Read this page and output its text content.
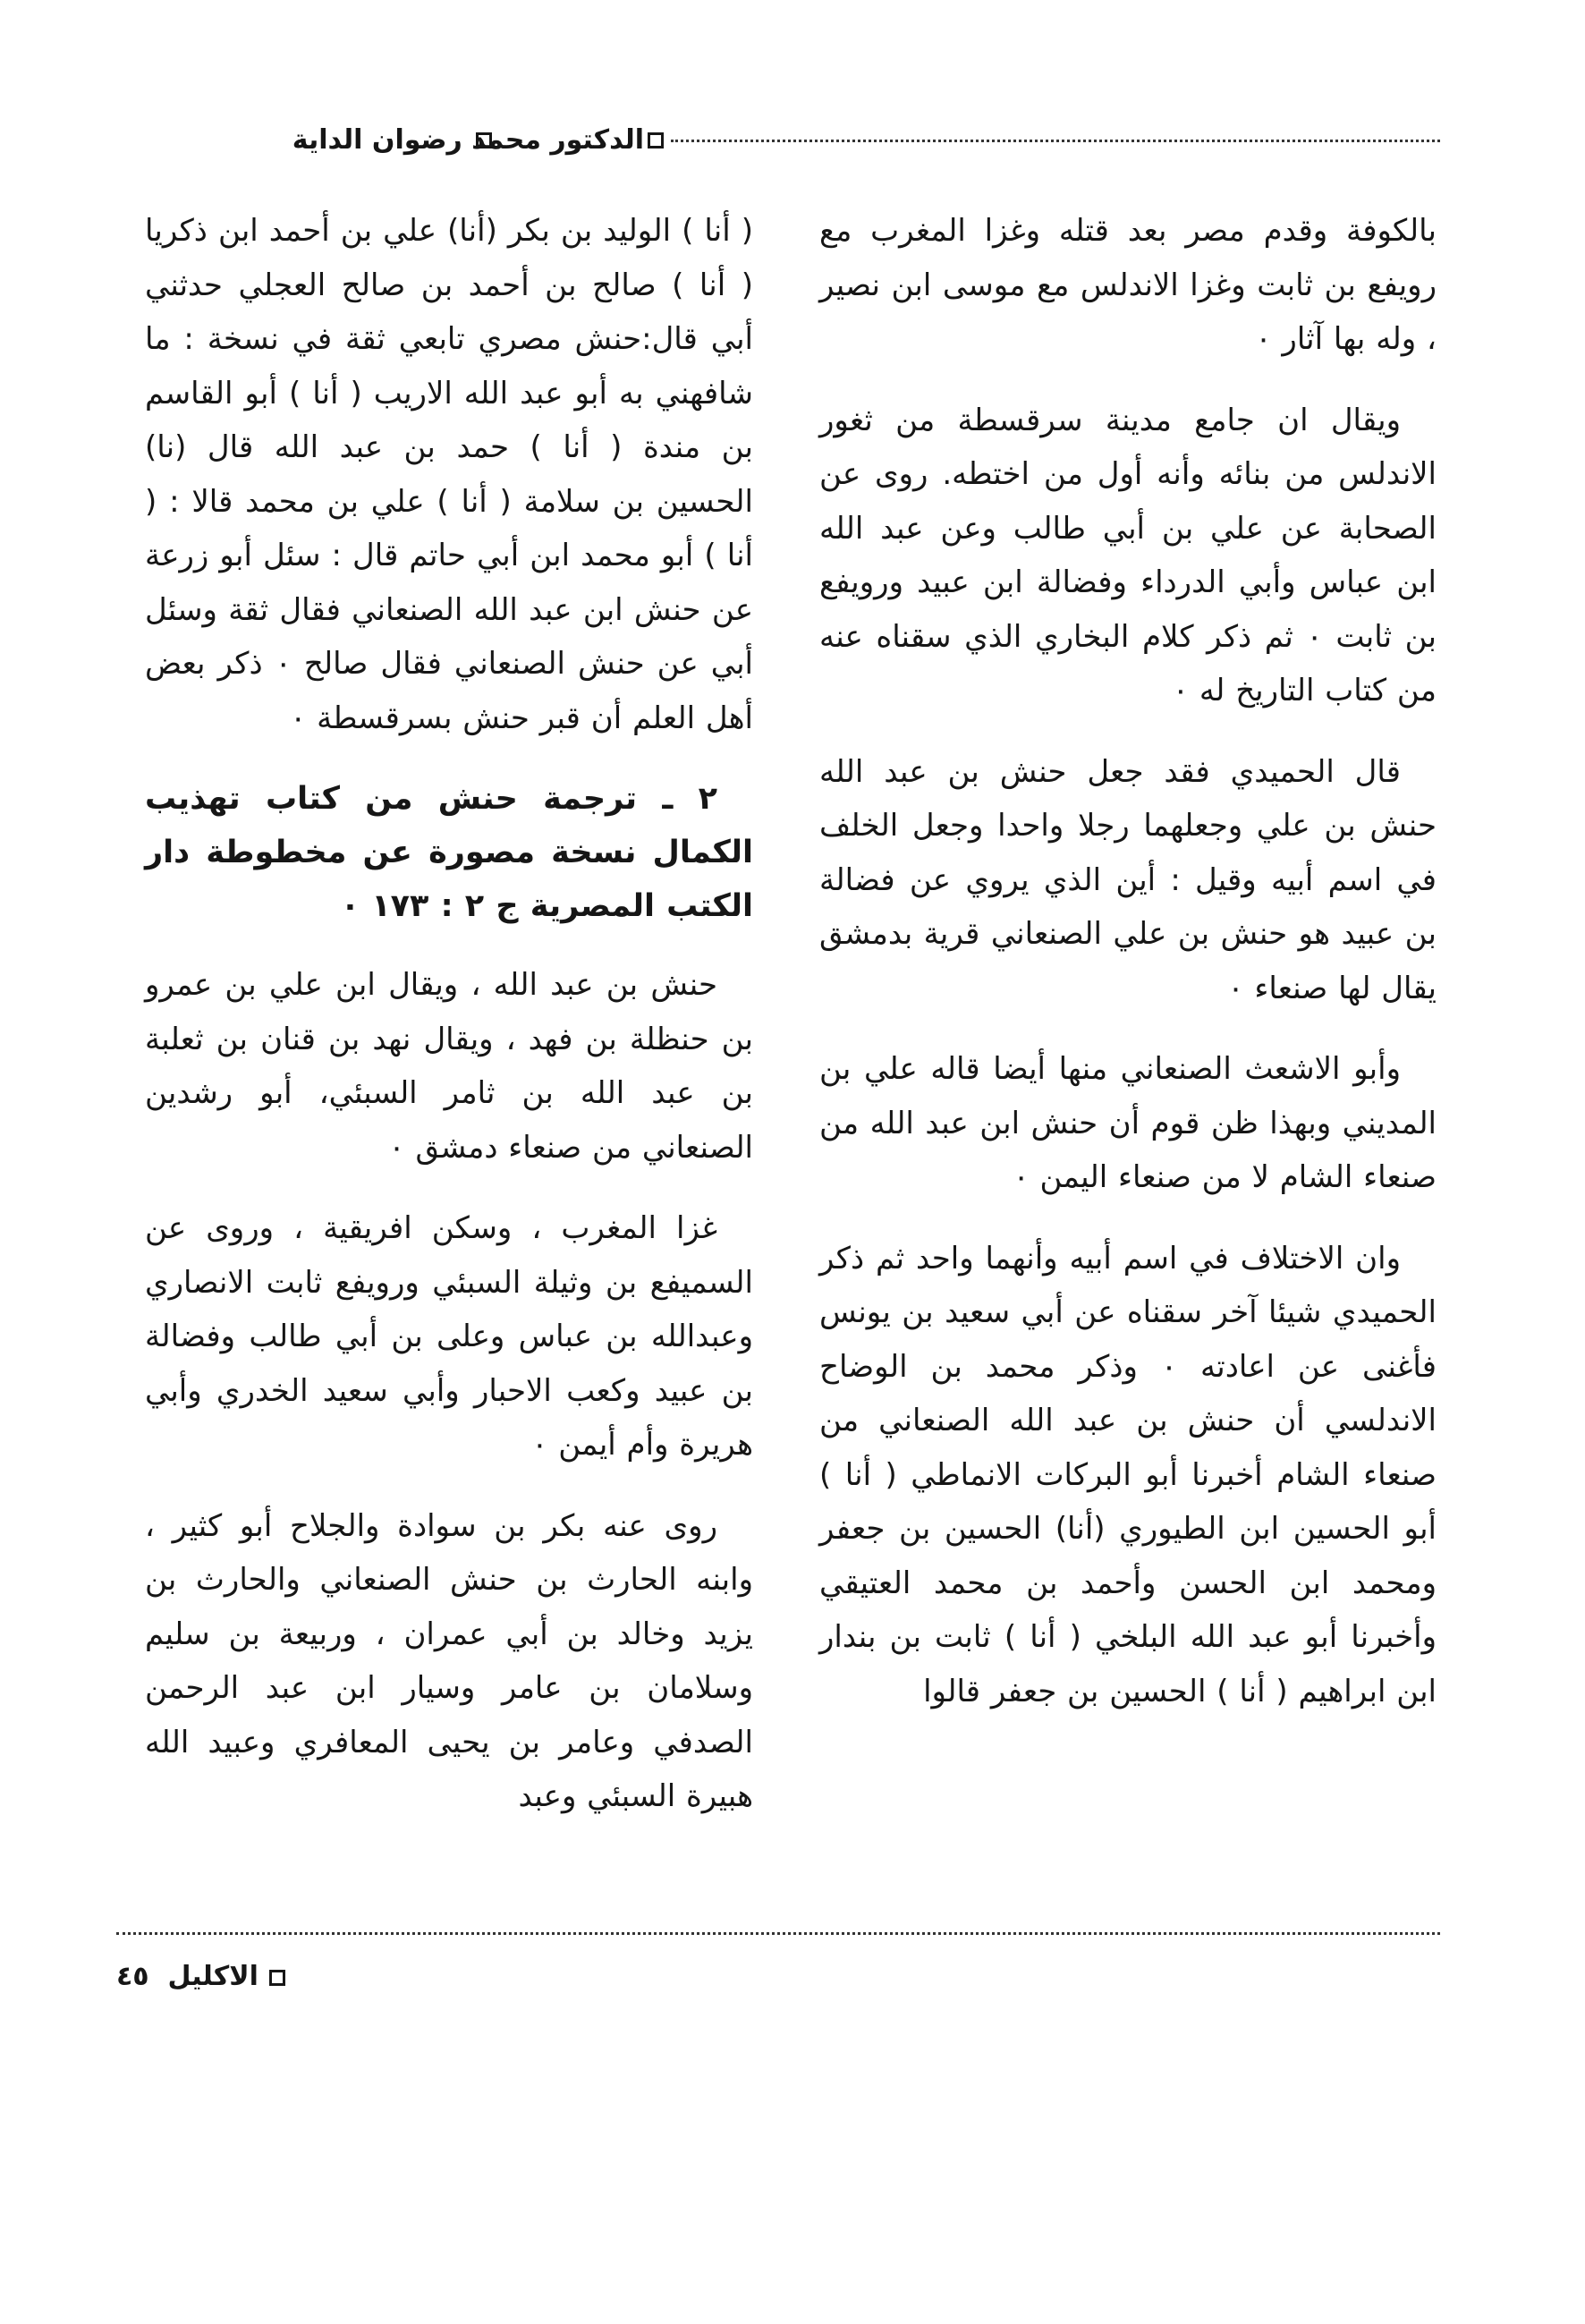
الدكتور محمد رضوان الداية

بالكوفة وقدم مصر بعد قتله وغزا المغرب مع رويفع بن ثابت وغزا الاندلس مع موسى ابن نصير ، وله بها آثار ٠

ويقال ان جامع مدينة سرقسطة من ثغور الاندلس من بنائه وأنه أول من اختطه. روى عن الصحابة عن علي بن أبي طالب وعن عبد الله ابن عباس وأبي الدرداء وفضالة ابن عبيد ورويفع بن ثابت ٠ ثم ذكر كلام البخاري الذي سقناه عنه من كتاب التاريخ له ٠

قال الحميدي فقد جعل حنش بن عبد الله حنش بن علي وجعلهما رجلا واحدا وجعل الخلف في اسم أبيه وقيل : أين الذي يروي عن فضالة بن عبيد هو حنش بن علي الصنعاني قرية بدمشق يقال لها صنعاء ٠

وأبو الاشعث الصنعاني منها أيضا قاله علي بن المديني وبهذا ظن قوم أن حنش ابن عبد الله من صنعاء الشام لا من صنعاء اليمن ٠

وان الاختلاف في اسم أبيه وأنهما واحد ثم ذكر الحميدي شيئا آخر سقناه عن أبي سعيد بن يونس فأغنى عن اعادته ٠ وذكر محمد بن الوضاح الاندلسي أن حنش بن عبد الله الصنعاني من صنعاء الشام أخبرنا أبو البركات الانماطي ( أنا ) أبو الحسين ابن الطيوري (أنا) الحسين بن جعفر ومحمد ابن الحسن وأحمد بن محمد العتيقي وأخبرنا أبو عبد الله البلخي ( أنا ) ثابت بن بندار ابن ابراهيم ( أنا ) الحسين بن جعفر قالوا

( أنا ) الوليد بن بكر (أنا) علي بن أحمد ابن ذكريا ( أنا ) صالح بن أحمد بن صالح العجلي حدثني أبي قال:حنش مصري تابعي ثقة في نسخة : ما شافهني به أبو عبد الله الاريب ( أنا ) أبو القاسم بن مندة ( أنا ) حمد بن عبد الله قال (نا) الحسين بن سلامة ( أنا ) علي بن محمد قالا : ( أنا ) أبو محمد ابن أبي حاتم قال : سئل أبو زرعة عن حنش ابن عبد الله الصنعاني فقال ثقة وسئل أبي عن حنش الصنعاني فقال صالح ٠ ذكر بعض أهل العلم أن قبر حنش بسرقسطة ٠

٢ ـ ترجمة حنش من كتاب تهذيب الكمال نسخة مصورة عن مخطوطة دار الكتب المصرية ج ٢ : ١٧٣ ٠

حنش بن عبد الله ، ويقال ابن علي بن عمرو بن حنظلة بن فهد ، ويقال نهد بن قنان بن ثعلبة بن عبد الله بن ثامر السبئي، أبو رشدين الصنعاني من صنعاء دمشق ٠

غزا المغرب ، وسكن افريقية ، وروى عن السميفع بن وثيلة السبئي ورويفع ثابت الانصاري وعبدالله بن عباس وعلى بن أبي طالب وفضالة بن عبيد وكعب الاحبار وأبي سعيد الخدري وأبي هريرة وأم أيمن ٠

روى عنه بكر بن سوادة والجلاح أبو كثير ، وابنه الحارث بن حنش الصنعاني والحارث بن يزيد وخالد بن أبي عمران ، وربيعة بن سليم وسلامان بن عامر وسيار ابن عبد الرحمن الصدفي وعامر بن يحيى المعافري وعبيد الله هبيرة السبئي وعبد

الاكليل  ٤٥
